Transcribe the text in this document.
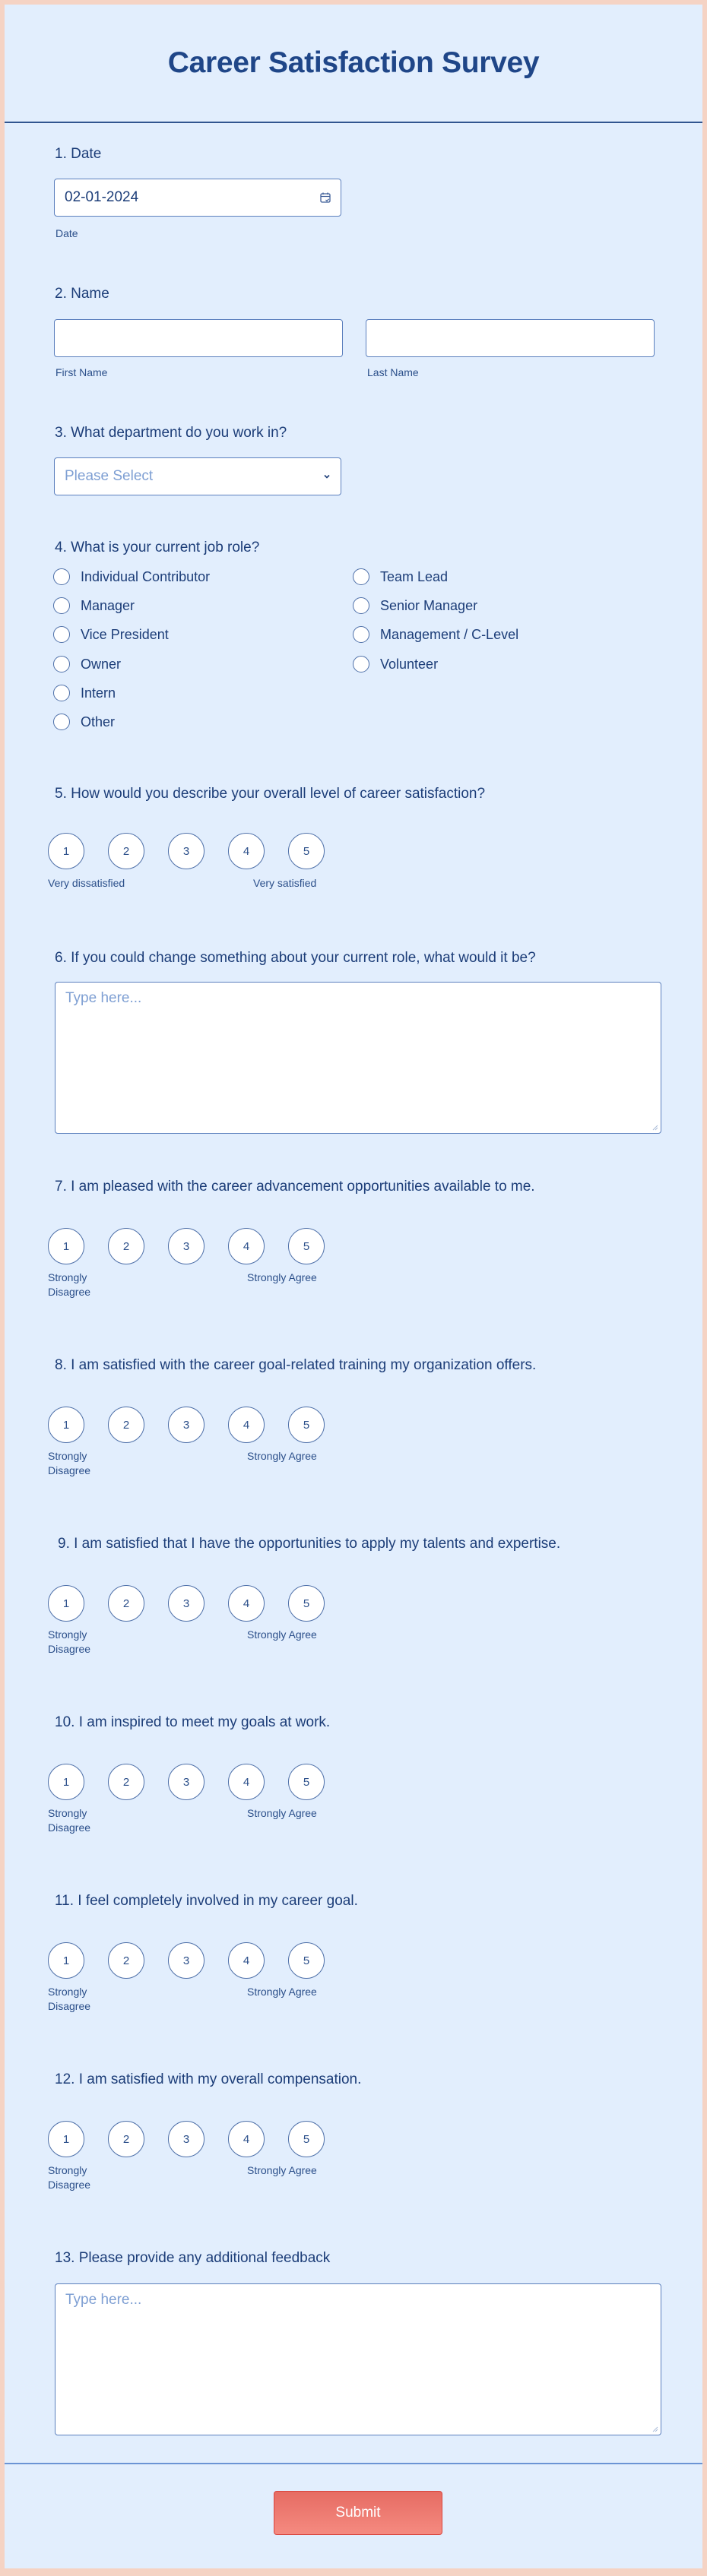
Career Satisfaction Survey
1. Date
02-01-2024
Date
2. Name
First Name	Last Name
3. What department do you work in?
Please Select
4. What is your current job role?
Individual Contributor
Manager
Vice President
Owner
Intern
Other
Team Lead
Senior Manager
Management / C-Level
Volunteer
5. How would you describe your overall level of career satisfaction?
1	2	3	4	5
Very dissatisfied	Very satisfied
6. If you could change something about your current role, what would it be?
Type here...
7. I am pleased with the career advancement opportunities available to me.
1	2	3	4	5
Strongly
Disagree
Strongly Agree
8. I am satisfied with the career goal-related training my organization offers.
1	2	3	4	5
Strongly
Disagree
Strongly Agree
9. I am satisfied that I have the opportunities to apply my talents and expertise.
1	2	3	4	5
Strongly
Disagree
Strongly Agree
10. I am inspired to meet my goals at work.
1	2	3	4	5
Strongly
Disagree
Strongly Agree
11. I feel completely involved in my career goal.
1	2	3	4	5
Strongly
Disagree
Strongly Agree
12. I am satisfied with my overall compensation.
1	2	3	4	5
Strongly
Disagree
Strongly Agree
13. Please provide any additional feedback
Type here...
Submit
